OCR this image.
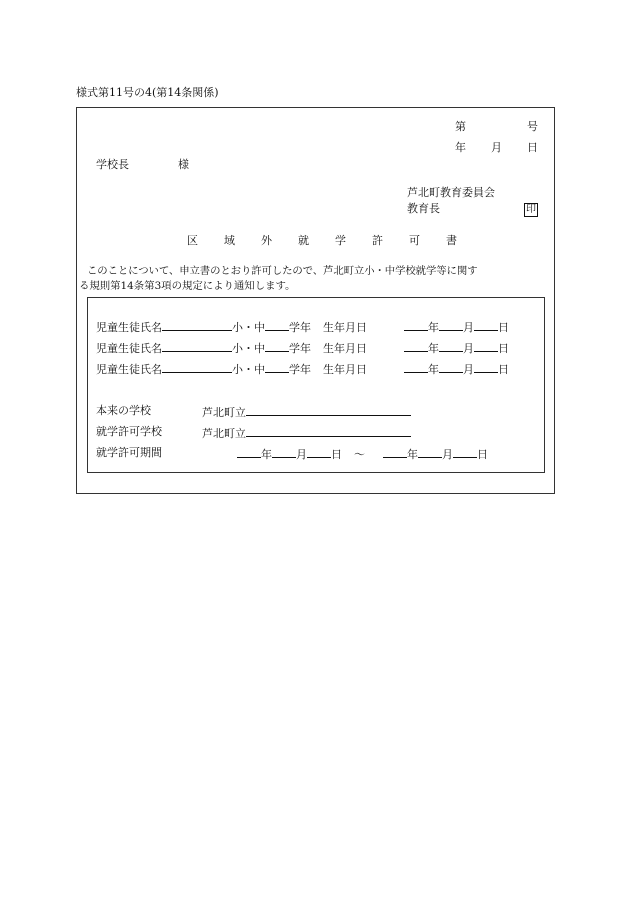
様式第11号の4(第14条関係)
第	号
年 月 日
学校長	様
芦北町教育委員会
教育長	印
区 域 外 就 学 許 可 書
このことについて、申立書のとおり許可したので、芦北町立小・中学校就学等に関す
る規則第14条第3項の規定により通知します。
児童生徒氏名	小・中 学年 生年月日	年 月 日
児童生徒氏名	小・中 学年 生年月日	年 月 日
児童生徒氏名	小・中 学年 生年月日	年 月 日
本来の学校	芦北町立
就学許可学校	芦北町立
就学許可期間	年 月 日 〜	年 月 日
